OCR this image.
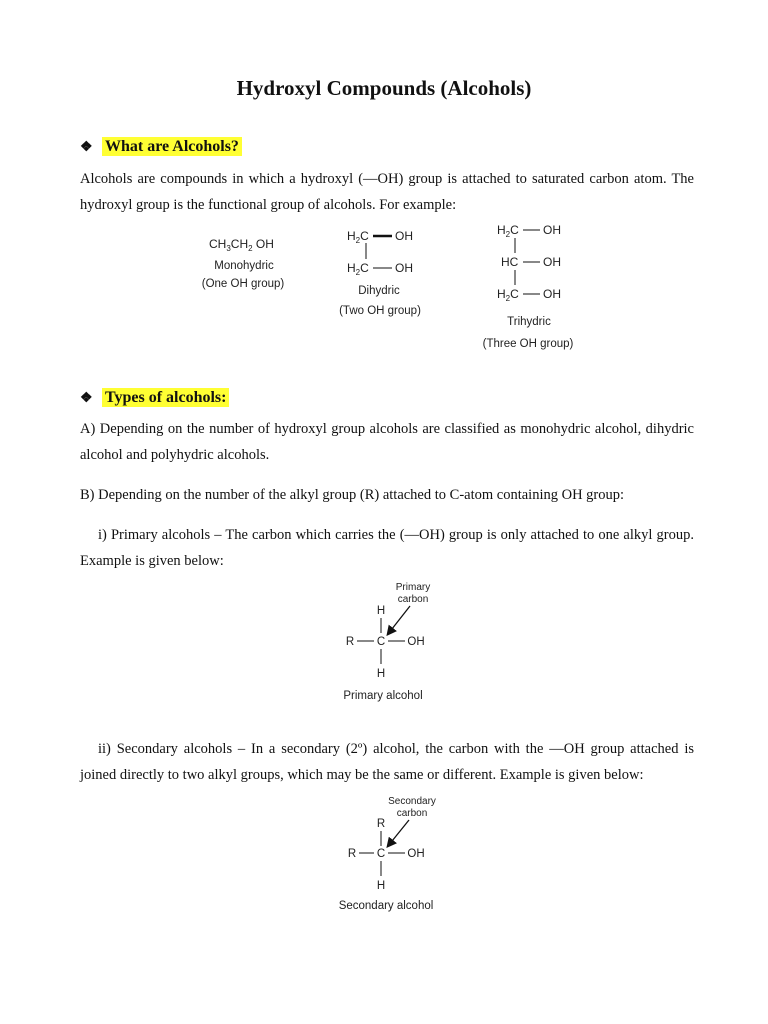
Hydroxyl Compounds (Alcohols)
❖ What are Alcohols?
Alcohols are compounds in which a hydroxyl (—OH) group is attached to saturated carbon atom. The hydroxyl group is the functional group of alcohols. For example:
$CH_3CH_2$ OH
Monohydric
(One OH group)
$H_2C$ OH
$H_2C$ OH
Dihydric
(Two OH group)
$H_2C$ OH
HC OH
$H_2C$ OH
Trihydric
(Three OH group)
Primary
carbon
H
R C OH
H
Primary alcohol
Secondary
carbon
R
R C OH
H
Secondary alcohol
❖ Types of alcohols:
A) Depending on the number of hydroxyl group alcohols are classified as monohydric alcohol, dihydric alcohol and polyhydric alcohols.
B) Depending on the number of the alkyl group (R) attached to C-atom containing OH group:
i) Primary alcohols – The carbon which carries the (—OH) group is only attached to one alkyl group. Example is given below:
ii) Secondary alcohols – In a secondary (2º) alcohol, the carbon with the —OH group attached is joined directly to two alkyl groups, which may be the same or different. Example is given below:
